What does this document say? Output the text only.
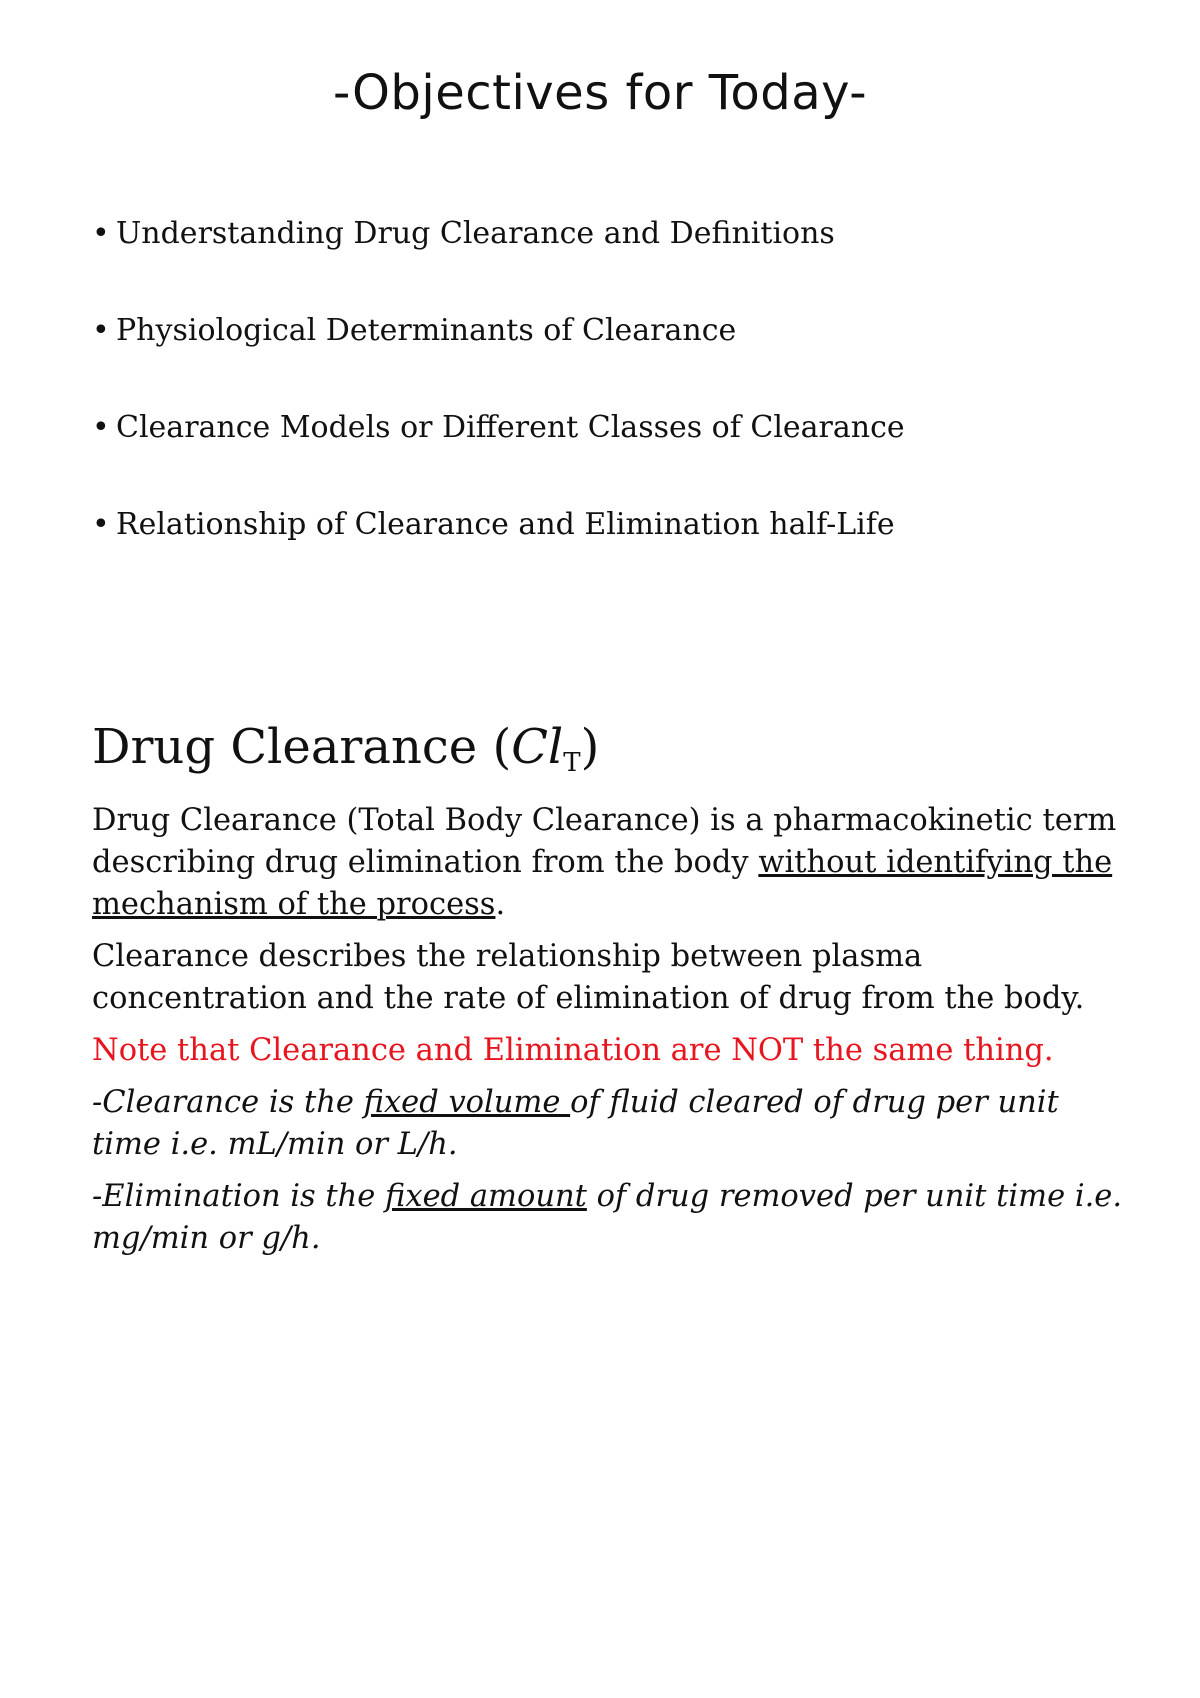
-Objectives for Today-
• Understanding Drug Clearance and Definitions
• Physiological Determinants of Clearance
• Clearance Models or Different Classes of Clearance
• Relationship of Clearance and Elimination half-Life
Drug Clearance $(Cl_T)$

Drug Clearance (Total Body Clearance) is a pharmacokinetic term describing drug elimination from the body without identifying the mechanism of the process.

Clearance describes the relationship between plasma concentration and the rate of elimination of drug from the body.

Note that Clearance and Elimination are NOT the same thing.

-Clearance is the fixed volume of fluid cleared of drug per unit time i.e. mL/min or L/h.

-Elimination is the fixed amount of drug removed per unit time i.e. mg/min or g/h.
